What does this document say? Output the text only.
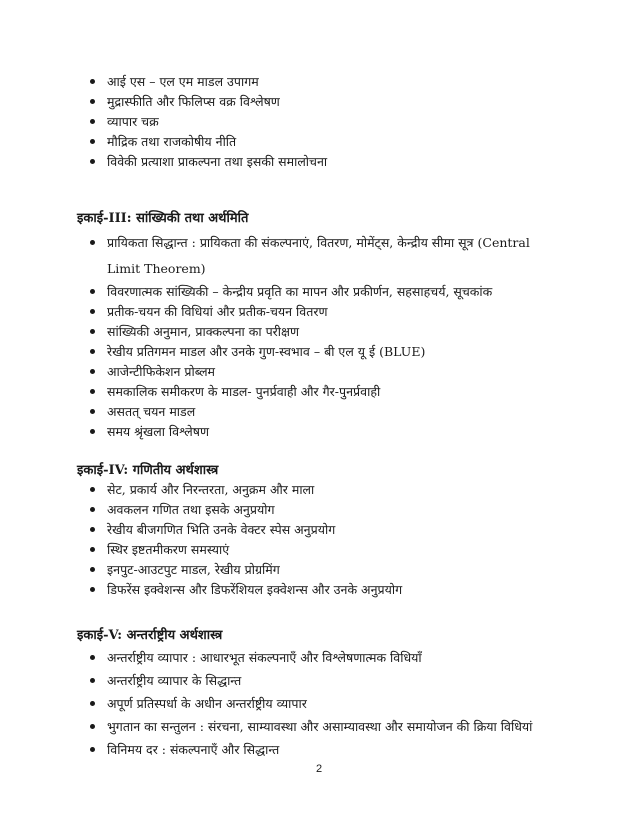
आई एस – एल एम माडल उपागम
मुद्रास्फीति और फिलिप्स वक्र विश्लेषण
व्यापार चक्र
मौद्रिक तथा राजकोषीय नीति
विवेकी प्रत्याशा प्राकल्पना तथा इसकी समालोचना
इकाई-III: सांख्यिकी तथा अर्थमिति
प्रायिकता सिद्धान्त : प्रायिकता की संकल्पनाएं, वितरण, मोमेंट्स, केन्द्रीय सीमा सूत्र (Central Limit Theorem)
विवरणात्मक सांख्यिकी – केन्द्रीय प्रवृति का मापन और प्रकीर्णन, सहसाहचर्य, सूचकांक
प्रतीक-चयन की विधियां और प्रतीक-चयन वितरण
सांख्यिकी अनुमान, प्राक्कल्पना का परीक्षण
रेखीय प्रतिगमन माडल और उनके गुण-स्वभाव – बी एल यू ई (BLUE)
आजेन्टीफिकेशन प्रोब्लम
समकालिक समीकरण के माडल- पुनर्प्रवाही और गैर-पुनर्प्रवाही
असतत् चयन माडल
समय श्रृंखला विश्लेषण
इकाई-IV: गणितीय अर्थशास्त्र
सेट, प्रकार्य और निरन्तरता, अनुक्रम और माला
अवकलन गणित तथा इसके अनुप्रयोग
रेखीय बीजगणित भिति उनके वेक्टर स्पेस अनुप्रयोग
स्थिर इष्टतमीकरण समस्याएं
इनपुट-आउटपुट माडल, रेखीय प्रोग्रमिंग
डिफरेंस इक्वेशन्स और डिफरेंशियल इक्वेशन्स और उनके अनुप्रयोग
इकाई-V: अन्तर्राष्ट्रीय अर्थशास्त्र
अन्तर्राष्ट्रीय व्यापार : आधारभूत संकल्पनाएँ और विश्लेषणात्मक विधियाँ
अन्तर्राष्ट्रीय व्यापार के सिद्धान्त
अपूर्ण प्रतिस्पर्धा के अधीन अन्तर्राष्ट्रीय व्यापार
भुगतान का सन्तुलन : संरचना, साम्यावस्था और असाम्यावस्था और समायोजन की क्रिया विधियां
विनिमय दर : संकल्पनाएँ और सिद्धान्त
2
